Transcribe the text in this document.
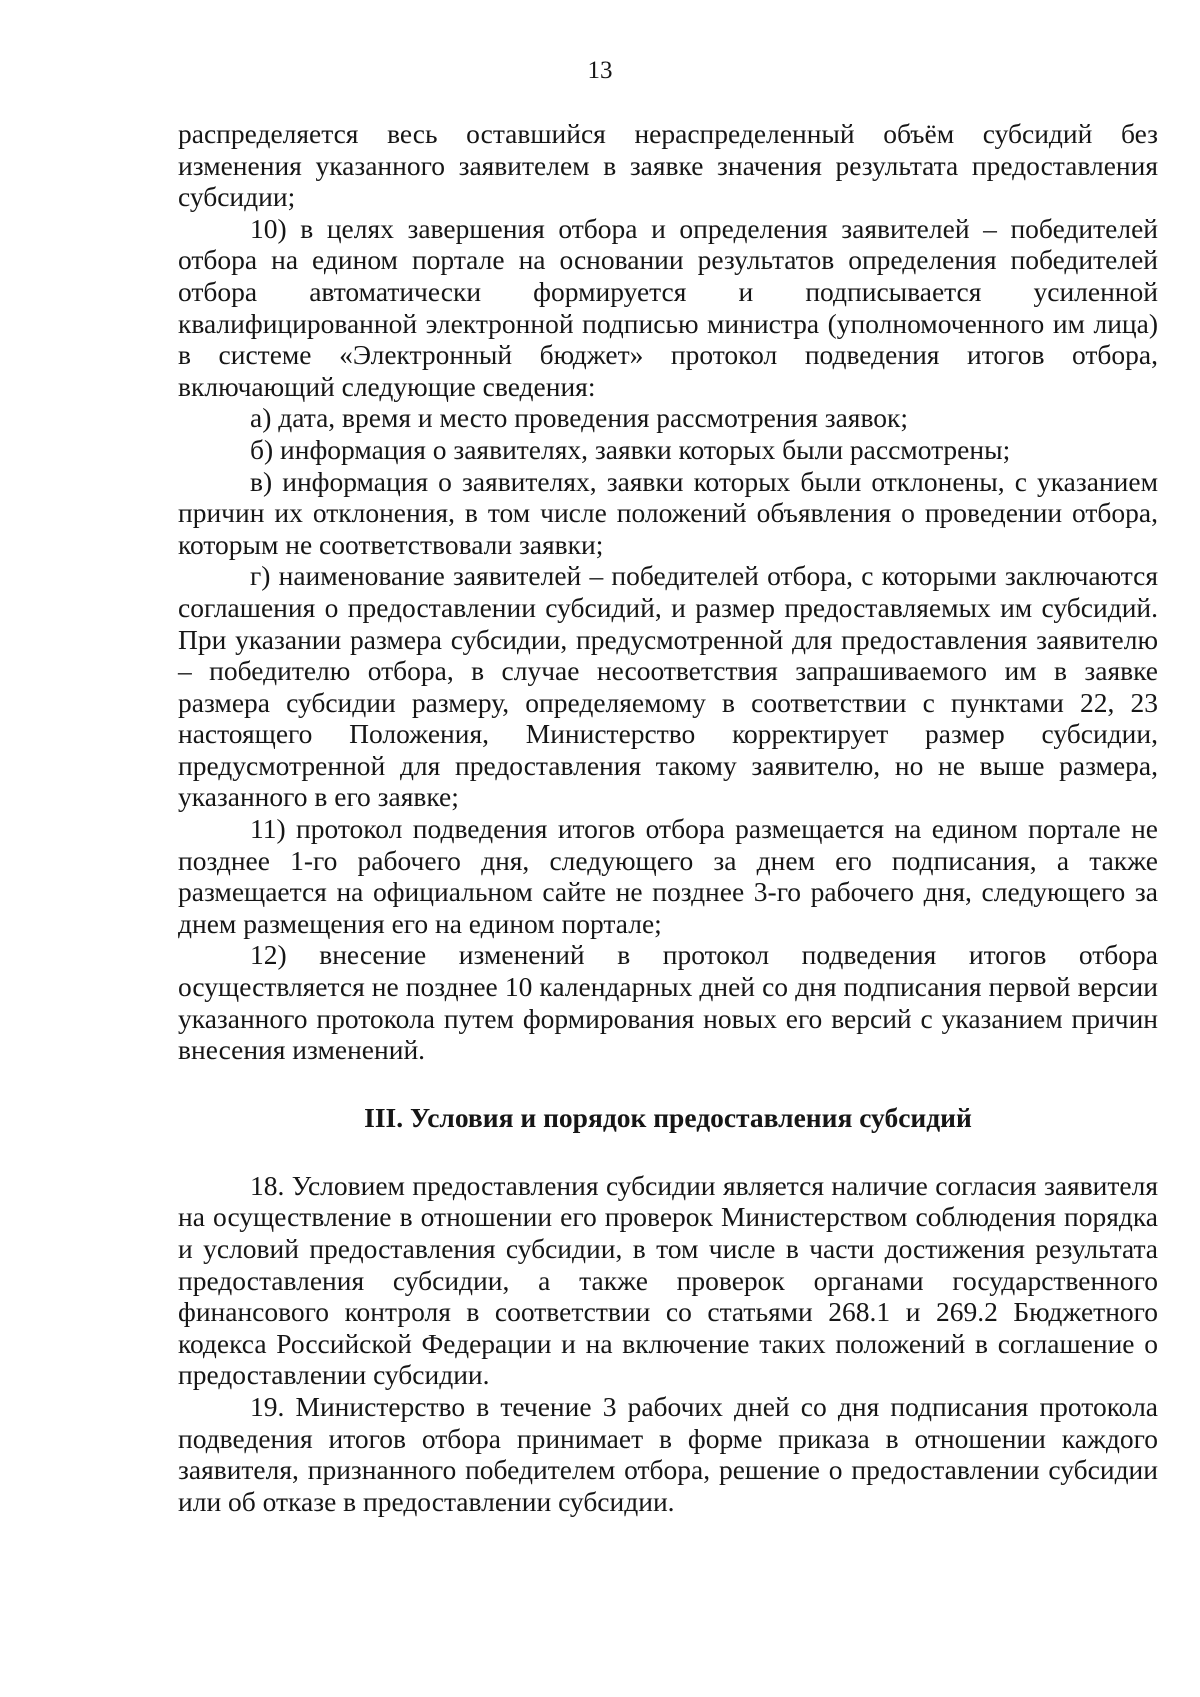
13

распределяется весь оставшийся нераспределенный объём субсидий без изменения указанного заявителем в заявке значения результата предоставления субсидии;

10) в целях завершения отбора и определения заявителей – победителей отбора на едином портале на основании результатов определения победителей отбора автоматически формируется и подписывается усиленной квалифицированной электронной подписью министра (уполномоченного им лица) в системе «Электронный бюджет» протокол подведения итогов отбора, включающий следующие сведения:

а) дата, время и место проведения рассмотрения заявок;

б) информация о заявителях, заявки которых были рассмотрены;

в) информация о заявителях, заявки которых были отклонены, с указанием причин их отклонения, в том числе положений объявления о проведении отбора, которым не соответствовали заявки;

г) наименование заявителей – победителей отбора, с которыми заключаются соглашения о предоставлении субсидий, и размер предоставляемых им субсидий. При указании размера субсидии, предусмотренной для предоставления заявителю – победителю отбора, в случае несоответствия запрашиваемого им в заявке размера субсидии размеру, определяемому в соответствии с пунктами 22, 23 настоящего Положения, Министерство корректирует размер субсидии, предусмотренной для предоставления такому заявителю, но не выше размера, указанного в его заявке;

11) протокол подведения итогов отбора размещается на едином портале не позднее 1-го рабочего дня, следующего за днем его подписания, а также размещается на официальном сайте не позднее 3-го рабочего дня, следующего за днем размещения его на едином портале;

12) внесение изменений в протокол подведения итогов отбора осуществляется не позднее 10 календарных дней со дня подписания первой версии указанного протокола путем формирования новых его версий с указанием причин внесения изменений.

III. Условия и порядок предоставления субсидий

18. Условием предоставления субсидии является наличие согласия заявителя на осуществление в отношении его проверок Министерством соблюдения порядка и условий предоставления субсидии, в том числе в части достижения результата предоставления субсидии, а также проверок органами государственного финансового контроля в соответствии со статьями 268.1 и 269.2 Бюджетного кодекса Российской Федерации и на включение таких положений в соглашение о предоставлении субсидии.

19. Министерство в течение 3 рабочих дней со дня подписания протокола подведения итогов отбора принимает в форме приказа в отношении каждого заявителя, признанного победителем отбора, решение о предоставлении субсидии или об отказе в предоставлении субсидии.
